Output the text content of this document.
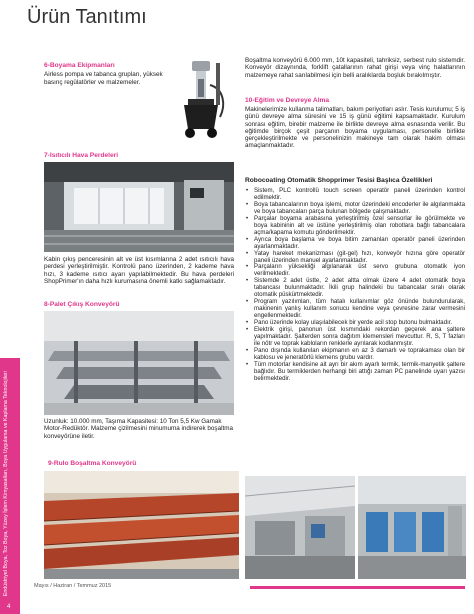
Endüstriyel Boya, Toz Boya, Yüzey İşlem Kimyasalları, Boya Uygulama ve Kaplama Teknolojileri
4
Ürün Tanıtımı
6-Boyama Ekipmanları

Airless pompa ve tabanca grupları, yüksek basınç regülatörler ve malzemeler.

7-Isıtıcılı Hava Perdeleri

Kabin çıkış penceresinin alt ve üst kısımlarına 2 adet ısıtıcılı hava perdesi yerleştirilmiştir. Kontrolü pano üzerinden, 2 kademe hava hızı, 3 kademe ısıtıcı ayarı yapılabilmektedir. Bu hava perdeleri ShopPrimer'ın daha hızlı kurumasına önemli katkı sağlamaktadır.

8-Palet Çıkış Konveyörü

Uzunluk: 10.000 mm, Taşıma Kapasitesi: 10 Ton 5,5 Kw Gamak Motor-Redüktör. Malzeme çizilmesini minumuma indirerek boşaltma konveyörüne iletir.

9-Rulo Boşaltma Konveyörü

Boşaltma konveyörü 6.000 mm, 10t kapasiteli, tahriksiz, serbest rulo sistemdir. Konveyör dizaynında, forklift çatallarının rahat girişi veya vinç halatlarının malzemeye rahat sarılabilmesi için belli aralıklarda boşluk bırakılmıştır.

10-Eğitim ve Devreye Alma

Makinelerimize kullanma talimatları, bakım periyotları aslır. Tesis kurulumu; 5 iş günü devreye alma süresini ve 15 iş günü eğitimi kapsamaktadır. Kurulum sonrası eğitim, birebir malzeme ile birlikte devreye alma esnasında verilir. Bu eğitimde birçok çeşit parçanın boyama uygulaması, personelle birlikte gerçekleştirilmekte ve personelinizin makineye tam olarak hakim olması amaçlanmaktadır.

Robocoating Otomatik Shopprimer Tesisi Başlıca Özellikleri
• Sistem, PLC kontrollü touch screen operatör paneli üzerinden kontrol edilmektir.
• Boya tabancalarının boya işlemi, motor üzerindeki encoderler ile algılanmakta ve boya tabancaları parça bulunan bölgede çalışmaktadır.
• Parçalar boyama arabasına yerleştirilmiş özel sensorlar ile görülmekte ve boya kabininin alt ve üstüne yerleştirilmiş olan robotlara bağlı tabancalara açma/kapama komutu gönderilmektir.
• Ayrıca boya başlama ve boya bitim zamanları operatör paneli üzerinden ayarlanmaktadır.
• Yatay hareket mekanizması (git-gel) hızı, konveyör hızına göre operatör paneli üzerinden manuel ayarlanmaktadır.
• Parçaların yüksekliği algılanarak üst servo grubuna otomatik iyon verilmektedir.
• Sistemde 2 adet üstte, 2 adet altta olmak üzere 4 adet otomatik boya tabancası bulunmaktadır. İkili grup halindeki bu tabancalar sıralı olarak otomatik püskürtmektedir.
• Program yazılımları, tüm hatalı kullanımlar göz önünde bulundurularak, makinenin yanlış kullanım sonucu kendine veya çevresine zarar vermesini engellenmektedir.
• Pano üzerinde kolay ulaşılabilecek bir yerde acil stop butonu bulmaktadır.
• Elektrik girişi, panonun üst kısmındaki rekordan geçerek ana şaltere yapılmaktadır. Şalterden sonra dağıtım klemensleri mevcuttur. R, S, T fazları ile nötr ve toprak kabloların renklerle ayrılarak kodlanmıştır.
• Pano dışında kullanılan ekipmanın en az 3 damarlı ve toprakaması olan bir kablosu ve jeneratörlü klemens grubu vardır.
• Tüm motorlar kendisine ait ayrı bir akım ayarlı termik, termik-manyetik şaltere bağlıdır. Bu termiklerden herhangi biri attığı zaman PC panelinde uyarı yazısı belirmektedir.
Mayıs / Haziran / Temmuz 2015
